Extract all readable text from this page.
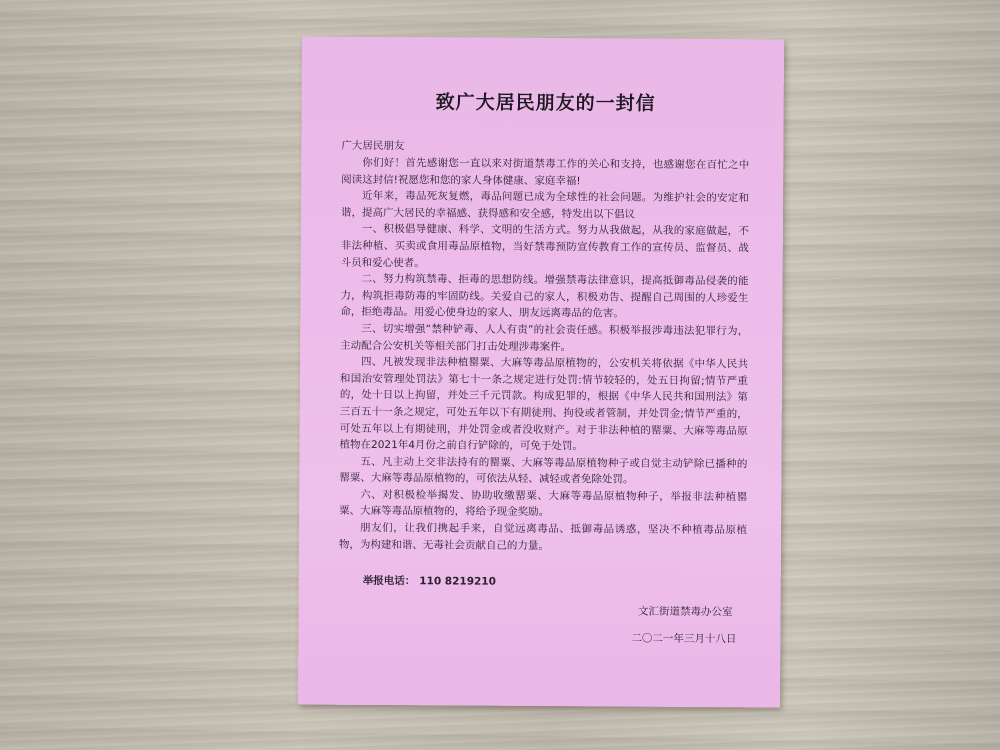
致广大居民朋友的一封信

广大居民朋友

你们好！首先感谢您一直以来对街道禁毒工作的关心和支持，也感谢您在百忙之中阅读这封信!祝愿您和您的家人身体健康、家庭幸福!

近年来，毒品死灰复燃，毒品问题已成为全球性的社会问题。为维护社会的安定和谐，提高广大居民的幸福感、获得感和安全感，特发出以下倡议

一、积极倡导健康、科学、文明的生活方式。努力从我做起，从我的家庭做起，不非法种植、买卖或食用毒品原植物，当好禁毒预防宣传教育工作的宣传员、监督员、战斗员和爱心使者。

二、努力构筑禁毒、拒毒的思想防线。增强禁毒法律意识，提高抵御毒品侵袭的能力，构筑拒毒防毒的牢固防线。关爱自己的家人，积极劝告、提醒自己周围的人珍爱生命，拒绝毒品。用爱心使身边的家人、朋友远离毒品的危害。

三、切实增强“禁种铲毒、人人有责”的社会责任感。积极举报涉毒违法犯罪行为，主动配合公安机关等相关部门打击处理涉毒案件。

四、凡被发现非法种植罂粟、大麻等毒品原植物的，公安机关将依据《中华人民共和国治安管理处罚法》第七十一条之规定进行处罚:情节较轻的，处五日拘留;情节严重的，处十日以上拘留，并处三千元罚款。构成犯罪的，根据《中华人民共和国刑法》第三百五十一条之规定，可处五年以下有期徒刑、拘役或者管制，并处罚金;情节严重的，可处五年以上有期徒刑，并处罚金或者没收财产。对于非法种植的罂粟、大麻等毒品原植物在2021年4月份之前自行铲除的，可免于处罚。

五、凡主动上交非法持有的罂粟、大麻等毒品原植物种子或自觉主动铲除已播种的罂粟、大麻等毒品原植物的，可依法从轻、减轻或者免除处罚。

六、对积极检举揭发、协助收缴罂粟、大麻等毒品原植物种子，举报非法种植罂粟、大麻等毒品原植物的，将给予现金奖励。

朋友们，让我们携起手来，自觉远离毒品、抵御毒品诱惑，坚决不种植毒品原植物，为构建和谐、无毒社会贡献自己的力量。

举报电话： 110 8219210
文汇街道禁毒办公室
二〇二一年三月十八日
